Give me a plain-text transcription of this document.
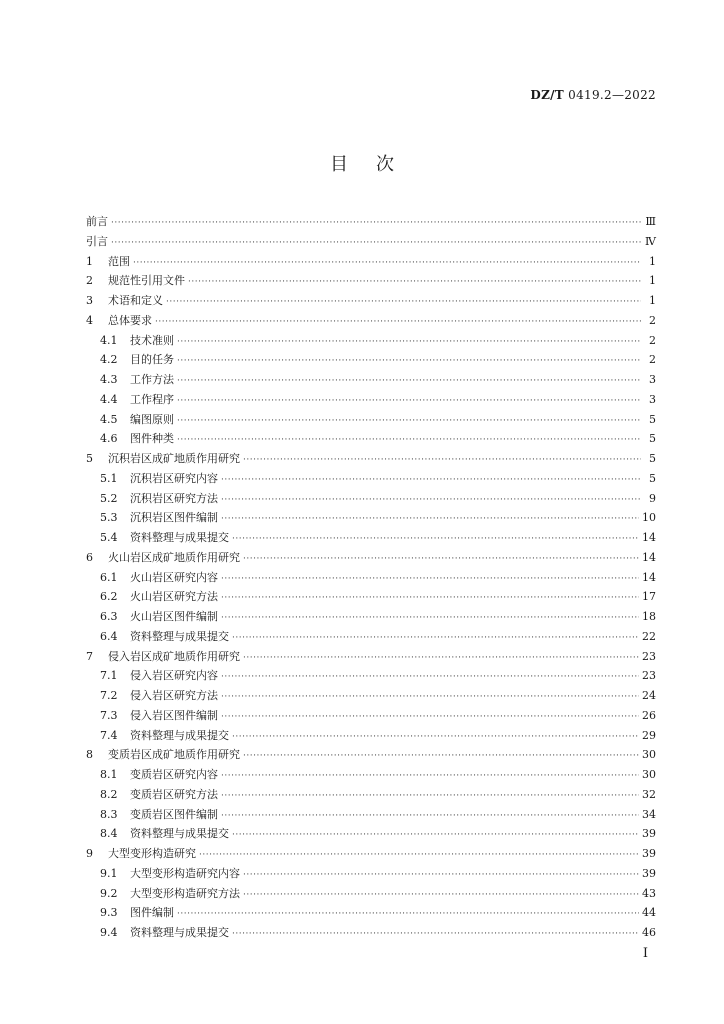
DZ/T 0419.2—2022
目次
前言 ·····	Ⅲ
引言 ·····	Ⅳ
1	范围 ·····	1
2	规范性引用文件 ·····	1
3	术语和定义 ·····	1
4	总体要求 ·····	2
4.1	技术准则 ·····	2
4.2	目的任务 ·····	2
4.3	工作方法 ·····	3
4.4	工作程序 ·····	3
4.5	编图原则 ·····	5
4.6	图件种类 ·····	5
5	沉积岩区成矿地质作用研究 ·····	5
5.1	沉积岩区研究内容 ·····	5
5.2	沉积岩区研究方法 ·····	9
5.3	沉积岩区图件编制 ·····	10
5.4	资料整理与成果提交 ·····	14
6	火山岩区成矿地质作用研究 ·····	14
6.1	火山岩区研究内容 ·····	14
6.2	火山岩区研究方法 ·····	17
6.3	火山岩区图件编制 ·····	18
6.4	资料整理与成果提交 ·····	22
7	侵入岩区成矿地质作用研究 ·····	23
7.1	侵入岩区研究内容 ·····	23
7.2	侵入岩区研究方法 ·····	24
7.3	侵入岩区图件编制 ·····	26
7.4	资料整理与成果提交 ·····	29
8	变质岩区成矿地质作用研究 ·····	30
8.1	变质岩区研究内容 ·····	30
8.2	变质岩区研究方法 ·····	32
8.3	变质岩区图件编制 ·····	34
8.4	资料整理与成果提交 ·····	39
9	大型变形构造研究 ·····	39
9.1	大型变形构造研究内容 ·····	39
9.2	大型变形构造研究方法 ·····	43
9.3	图件编制 ·····	44
9.4	资料整理与成果提交 ·····	46
I
